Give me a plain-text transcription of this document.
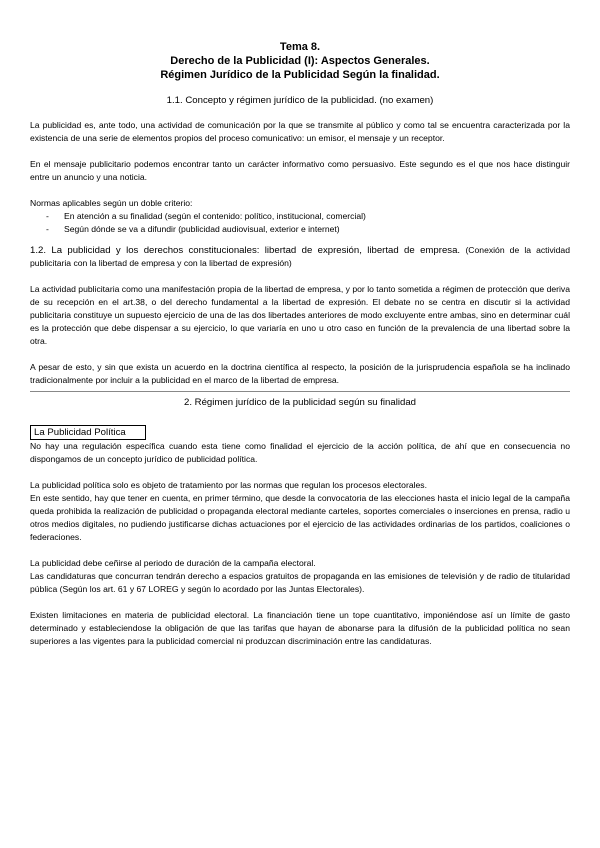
Tema 8.
Derecho de la Publicidad (I): Aspectos Generales.
Régimen Jurídico de la Publicidad Según la finalidad.
1.1. Concepto y régimen jurídico de la publicidad. (no examen)

La publicidad es, ante todo, una actividad de comunicación por la que se transmite al público y como tal se encuentra caracterizada por la existencia de una serie de elementos propios del proceso comunicativo: un emisor, el mensaje y un receptor.

En el mensaje publicitario podemos encontrar tanto un carácter informativo como persuasivo. Este segundo es el que nos hace distinguir entre un anuncio y una noticia.

Normas aplicables según un doble criterio:

- En atención a su finalidad (según el contenido: político, institucional, comercial)
- Según dónde se va a difundir (publicidad audiovisual, exterior e internet)
1.2. La publicidad y los derechos constitucionales: libertad de expresión, libertad de empresa. (Conexión de la actividad publicitaria con la libertad de empresa y con la libertad de expresión)

La actividad publicitaria como una manifestación propia de la libertad de empresa, y por lo tanto sometida a régimen de protección que deriva de su recepción en el art.38, o del derecho fundamental a la libertad de expresión. El debate no se centra en discutir si la actividad publicitaria constituye un supuesto ejercicio de una de las dos libertades anteriores de modo excluyente entre ambas, sino en determinar cuál es la protección que debe dispensar a su ejercicio, lo que variaría en uno u otro caso en función de la prevalencia de una libertad sobre la otra.

A pesar de esto, y sin que exista un acuerdo en la doctrina científica al respecto, la posición de la jurisprudencia española se ha inclinado tradicionalmente por incluir a la publicidad en el marco de la libertad de empresa.

2. Régimen jurídico de la publicidad según su finalidad
La Publicidad Política

No hay una regulación específica cuando esta tiene como finalidad el ejercicio de la acción política, de ahí que en consecuencia no dispongamos de un concepto jurídico de publicidad política.

La publicidad política solo es objeto de tratamiento por las normas que regulan los procesos electorales.

En este sentido, hay que tener en cuenta, en primer término, que desde la convocatoria de las elecciones hasta el inicio legal de la campaña queda prohibida la realización de publicidad o propaganda electoral mediante carteles, soportes comerciales o inserciones en prensa, radio u otros medios digitales, no pudiendo justificarse dichas actuaciones por el ejercicio de las actividades ordinarias de los partidos, coaliciones o federaciones.

La publicidad debe ceñirse al periodo de duración de la campaña electoral.

Las candidaturas que concurran tendrán derecho a espacios gratuitos de propaganda en las emisiones de televisión y de radio de titularidad pública (Según los art. 61 y 67 LOREG y según lo acordado por las Juntas Electorales).

Existen limitaciones en materia de publicidad electoral. La financiación tiene un tope cuantitativo, imponiéndose así un límite de gasto determinado y estableciendose la obligación de que las tarifas que hayan de abonarse para la difusión de la publicidad política no sean superiores a las vigentes para la publicidad comercial ni produzcan discriminación entre las candidaturas.
